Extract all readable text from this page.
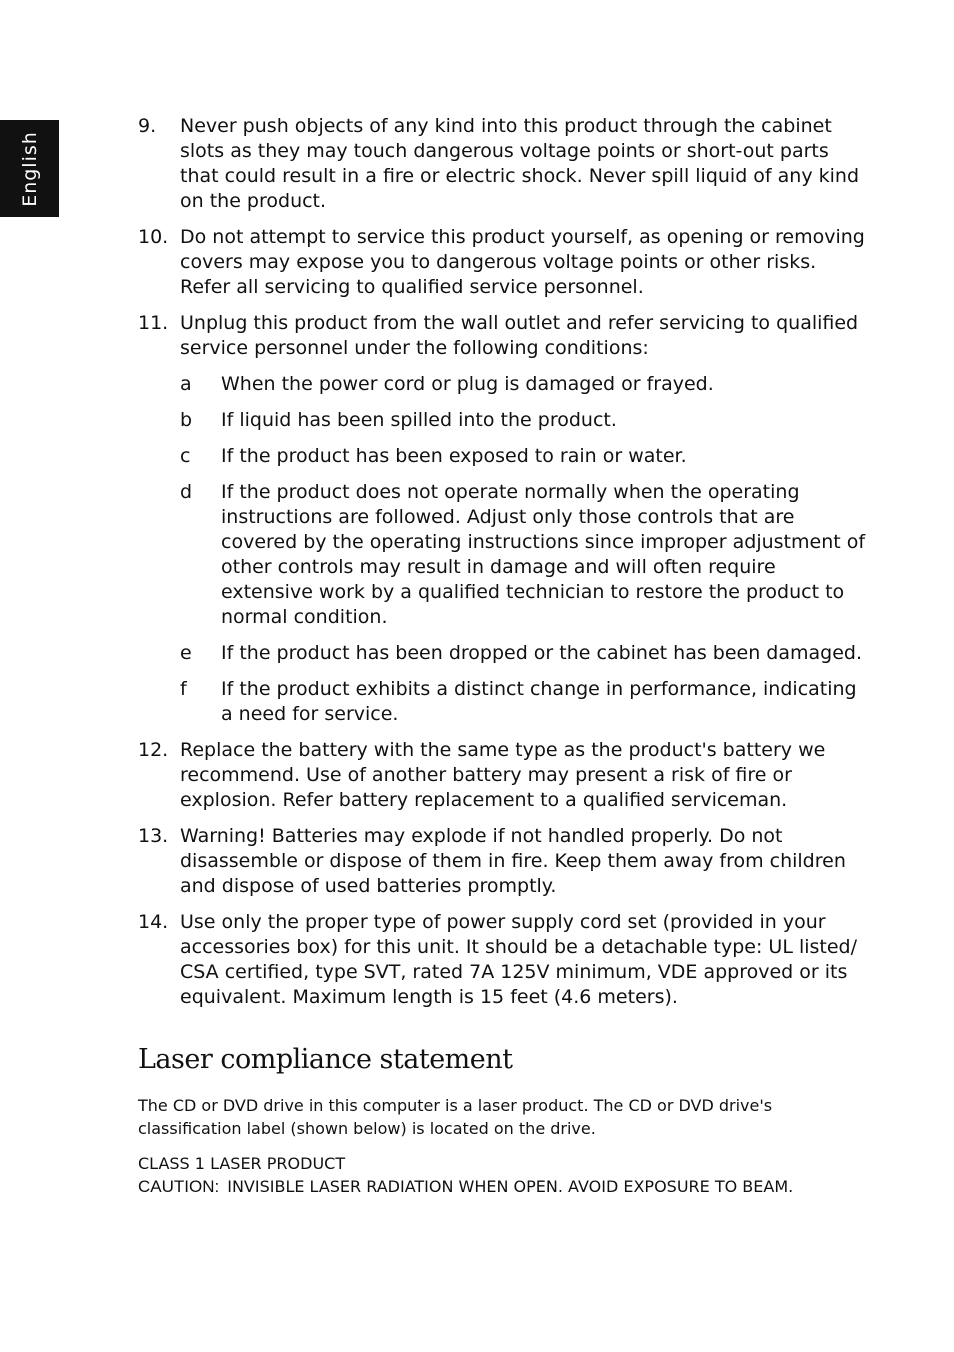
English
9.	Never push objects of any kind into this product through the cabinet slots as they may touch dangerous voltage points or short-out parts that could result in a fire or electric shock. Never spill liquid of any kind on the product.
10. Do not attempt to service this product yourself, as opening or removing covers may expose you to dangerous voltage points or other risks. Refer all servicing to qualified service personnel.
11. Unplug this product from the wall outlet and refer servicing to qualified service personnel under the following conditions:
a	When the power cord or plug is damaged or frayed.
b	If liquid has been spilled into the product.
c	If the product has been exposed to rain or water.
d	If the product does not operate normally when the operating instructions are followed. Adjust only those controls that are covered by the operating instructions since improper adjustment of other controls may result in damage and will often require extensive work by a qualified technician to restore the product to normal condition.
e	If the product has been dropped or the cabinet has been damaged.
f	If the product exhibits a distinct change in performance, indicating a need for service.
12. Replace the battery with the same type as the product's battery we recommend. Use of another battery may present a risk of fire or explosion. Refer battery replacement to a qualified serviceman.
13. Warning! Batteries may explode if not handled properly. Do not disassemble or dispose of them in fire. Keep them away from children and dispose of used batteries promptly.
14. Use only the proper type of power supply cord set (provided in your accessories box) for this unit. It should be a detachable type: UL listed/ CSA certified, type SVT, rated 7A 125V minimum, VDE approved or its equivalent. Maximum length is 15 feet (4.6 meters).
Laser compliance statement
The CD or DVD drive in this computer is a laser product. The CD or DVD drive's classification label (shown below) is located on the drive.
CLASS 1 LASER PRODUCT
CAUTION: INVISIBLE LASER RADIATION WHEN OPEN. AVOID EXPOSURE TO BEAM.
